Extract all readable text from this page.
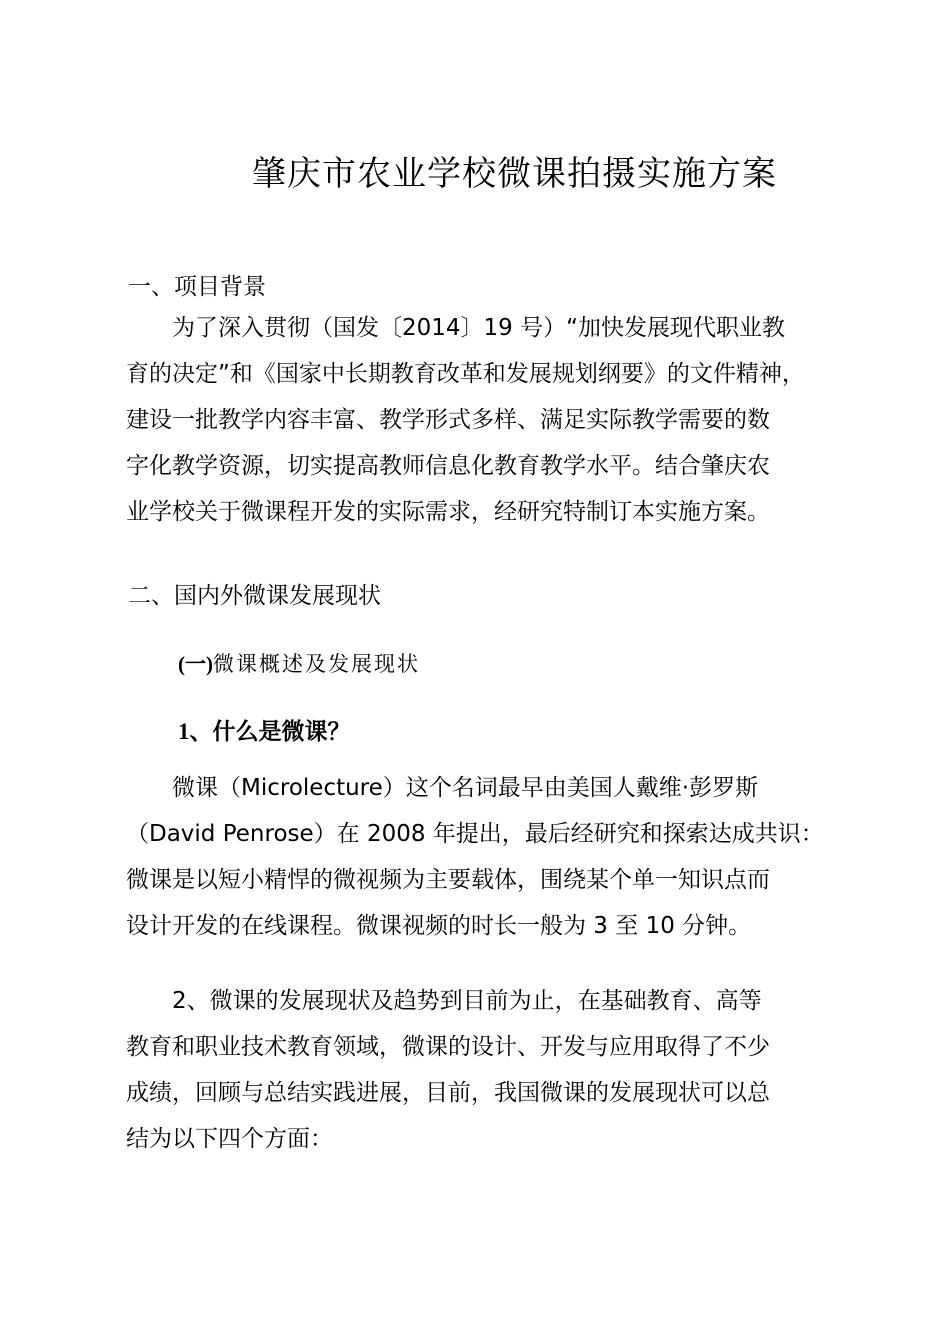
肇庆市农业学校微课拍摄实施方案
一、项目背景
　　为了深入贯彻（国发〔2014〕19 号）“加快发展现代职业教
育的决定”和《国家中长期教育改革和发展规划纲要》的文件精神，
建设一批教学内容丰富、教学形式多样、满足实际教学需要的数
字化教学资源，切实提高教师信息化教育教学水平。结合肇庆农
业学校关于微课程开发的实际需求，经研究特制订本实施方案。
二、国内外微课发展现状
(一)微课概述及发展现状
1、什么是微课？
　　微课（Microlecture）这个名词最早由美国人戴维·彭罗斯
（David Penrose）在 2008 年提出，最后经研究和探索达成共识：
微课是以短小精悍的微视频为主要载体，围绕某个单一知识点而
设计开发的在线课程。微课视频的时长一般为 3 至 10 分钟。
　　2、微课的发展现状及趋势到目前为止，在基础教育、高等
教育和职业技术教育领域，微课的设计、开发与应用取得了不少
成绩，回顾与总结实践进展，目前，我国微课的发展现状可以总
结为以下四个方面：
